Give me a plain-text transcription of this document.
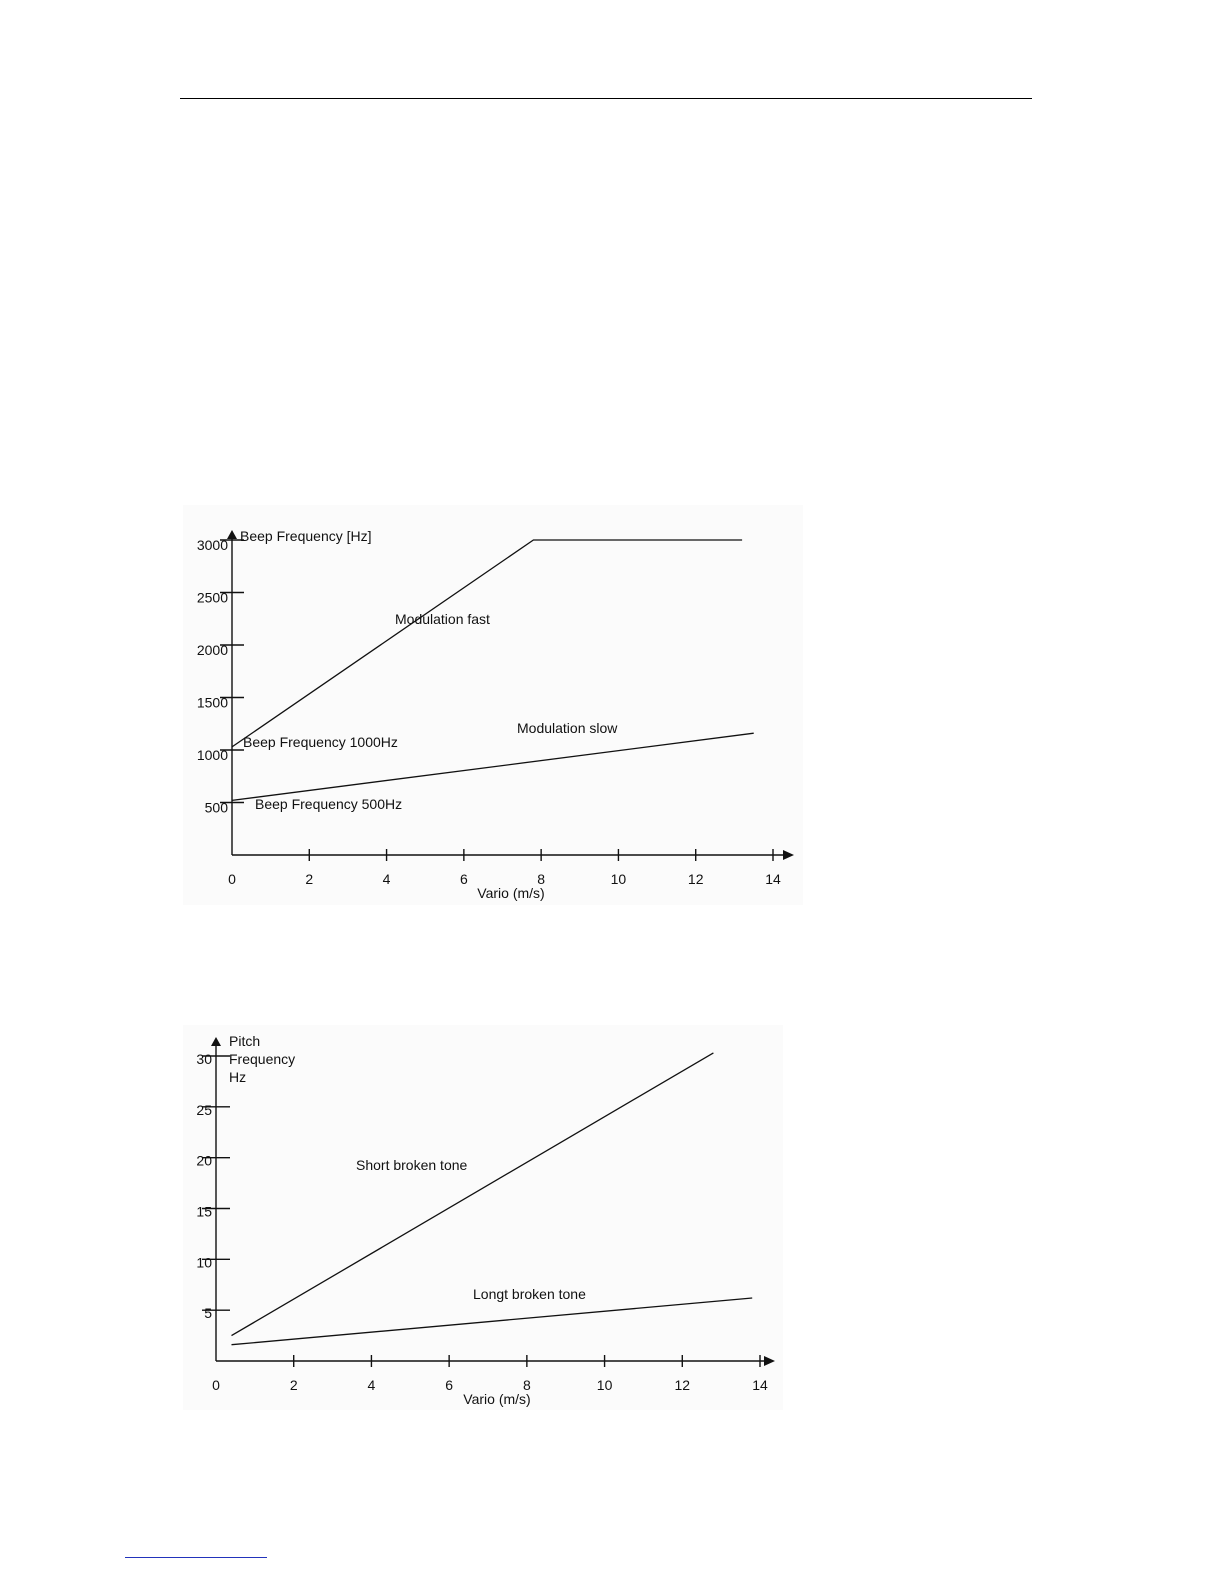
500
1000
1500
2000
2500
3000
0	2	4	6	8	10	12	14
Vario (m/s)
Beep Frequency [Hz]
Modulation fast
Modulation slow
Beep Frequency 1000Hz
Beep Frequency 500Hz
5
10
15
20
25
30
0	2	4	6	8	10	12	14
Vario (m/s)
Pitch
Frequency
Hz
Short broken tone
Longt broken tone
